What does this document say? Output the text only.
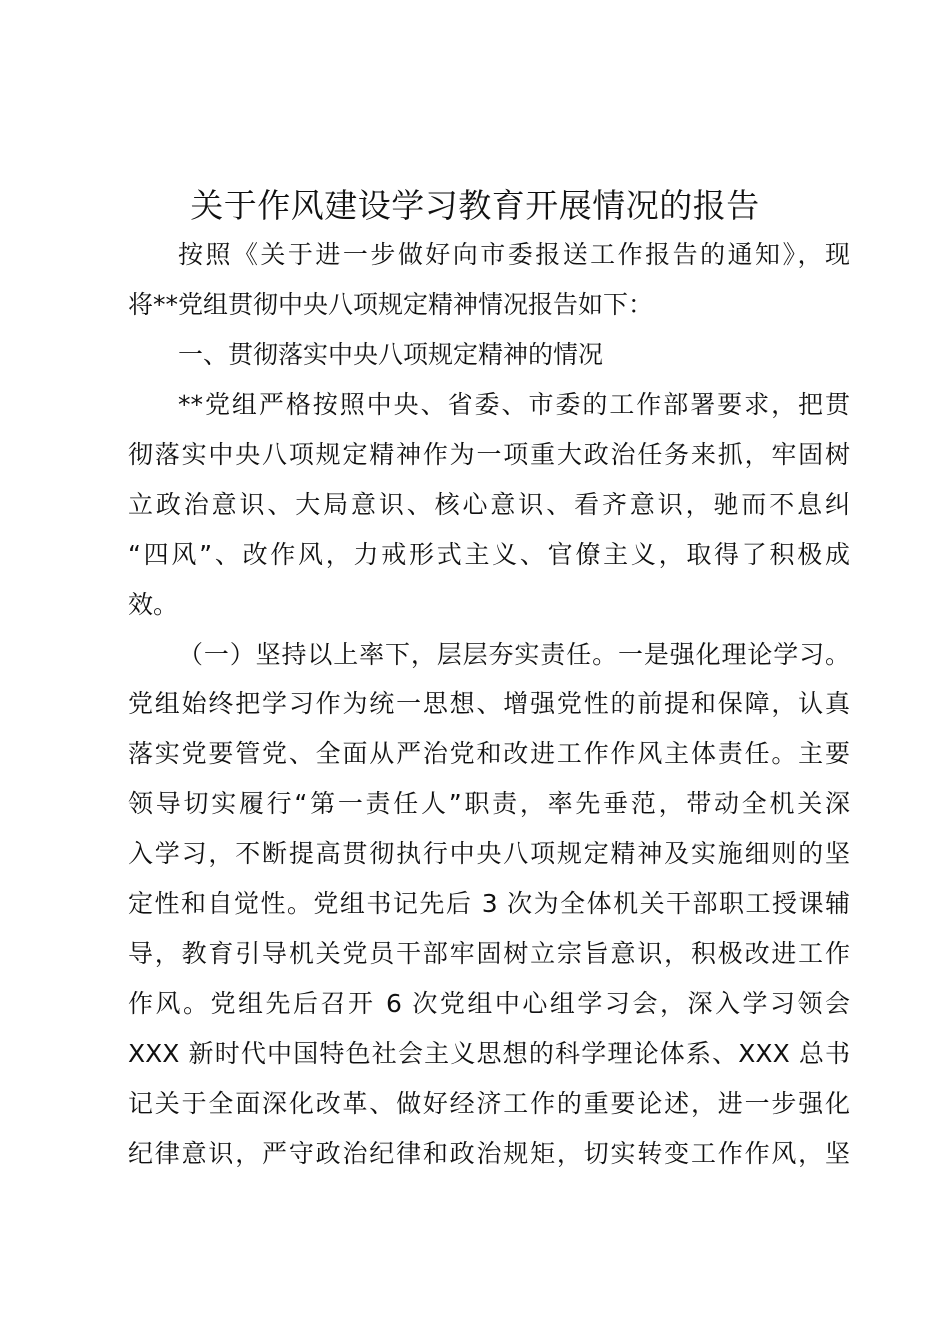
关于作风建设学习教育开展情况的报告
按照《关于进一步做好向市委报送工作报告的通知》，现
将**党组贯彻中央八项规定精神情况报告如下：
一、贯彻落实中央八项规定精神的情况
**党组严格按照中央、省委、市委的工作部署要求，把贯
彻落实中央八项规定精神作为一项重大政治任务来抓，牢固树
立政治意识、大局意识、核心意识、看齐意识，驰而不息纠
“四风”、改作风，力戒形式主义、官僚主义，取得了积极成
效。
（一）坚持以上率下，层层夯实责任。一是强化理论学习。
党组始终把学习作为统一思想、增强党性的前提和保障，认真
落实党要管党、全面从严治党和改进工作作风主体责任。主要
领导切实履行“第一责任人”职责，率先垂范，带动全机关深
入学习，不断提高贯彻执行中央八项规定精神及实施细则的坚
定性和自觉性。党组书记先后 3 次为全体机关干部职工授课辅
导，教育引导机关党员干部牢固树立宗旨意识，积极改进工作
作风。党组先后召开 6 次党组中心组学习会，深入学习领会
XXX 新时代中国特色社会主义思想的科学理论体系、XXX 总书
记关于全面深化改革、做好经济工作的重要论述，进一步强化
纪律意识，严守政治纪律和政治规矩，切实转变工作作风，坚
